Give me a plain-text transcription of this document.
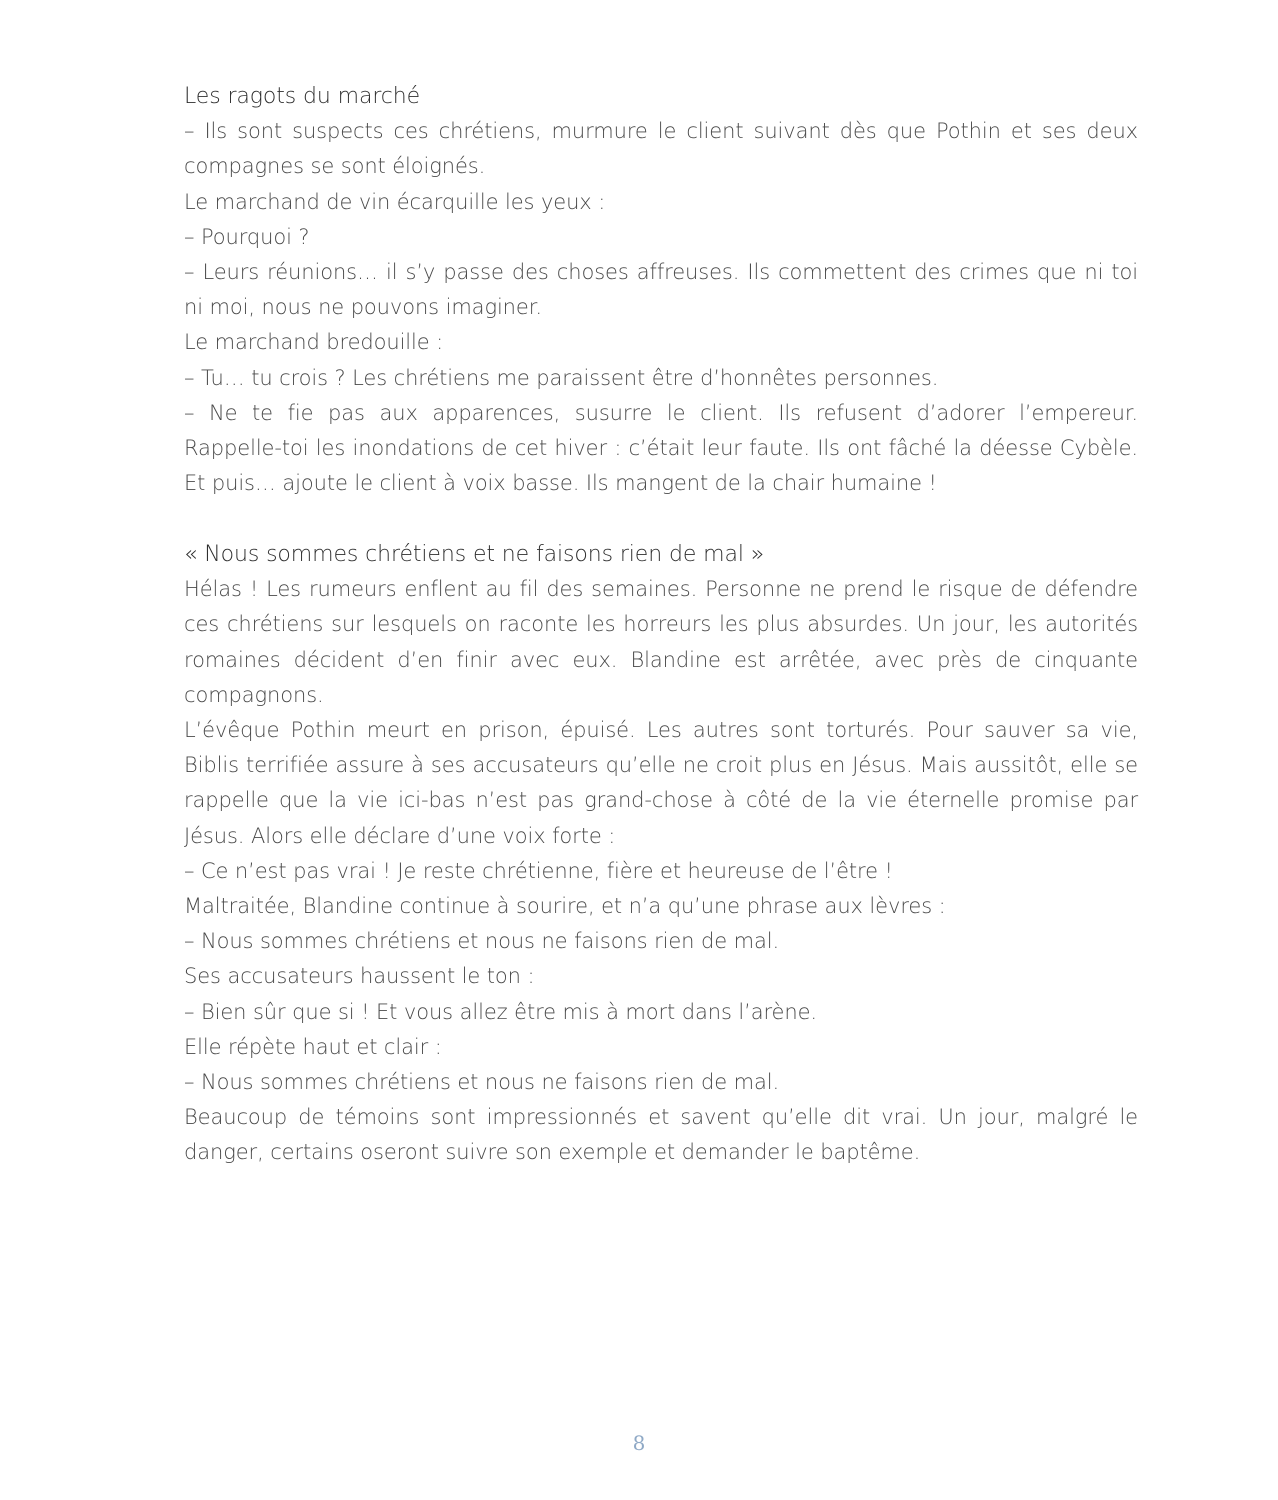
Les ragots du marché
– Ils sont suspects ces chrétiens, murmure le client suivant dès que Pothin et ses deux compagnes se sont éloignés.
Le marchand de vin écarquille les yeux :
– Pourquoi ?
– Leurs réunions… il s’y passe des choses affreuses. Ils commettent des crimes que ni toi ni moi, nous ne pouvons imaginer.
Le marchand bredouille :
– Tu… tu crois ? Les chrétiens me paraissent être d’honnêtes personnes.
– Ne te fie pas aux apparences, susurre le client. Ils refusent d’adorer l’empereur. Rappelle-toi les inondations de cet hiver : c’était leur faute. Ils ont fâché la déesse Cybèle. Et puis… ajoute le client à voix basse. Ils mangent de la chair humaine !
« Nous sommes chrétiens et ne faisons rien de mal »
Hélas ! Les rumeurs enflent au fil des semaines. Personne ne prend le risque de défendre ces chrétiens sur lesquels on raconte les horreurs les plus absurdes. Un jour, les autorités romaines décident d’en finir avec eux. Blandine est arrêtée, avec près de cinquante compagnons.
L’évêque Pothin meurt en prison, épuisé. Les autres sont torturés. Pour sauver sa vie, Biblis terrifiée assure à ses accusateurs qu’elle ne croit plus en Jésus. Mais aussitôt, elle se rappelle que la vie ici-bas n’est pas grand-chose à côté de la vie éternelle promise par Jésus. Alors elle déclare d’une voix forte :
– Ce n’est pas vrai ! Je reste chrétienne, fière et heureuse de l’être !
Maltraitée, Blandine continue à sourire, et n’a qu’une phrase aux lèvres :
– Nous sommes chrétiens et nous ne faisons rien de mal.
Ses accusateurs haussent le ton :
– Bien sûr que si ! Et vous allez être mis à mort dans l’arène.
Elle répète haut et clair :
– Nous sommes chrétiens et nous ne faisons rien de mal.
Beaucoup de témoins sont impressionnés et savent qu’elle dit vrai. Un jour, malgré le danger, certains oseront suivre son exemple et demander le baptême.
8
